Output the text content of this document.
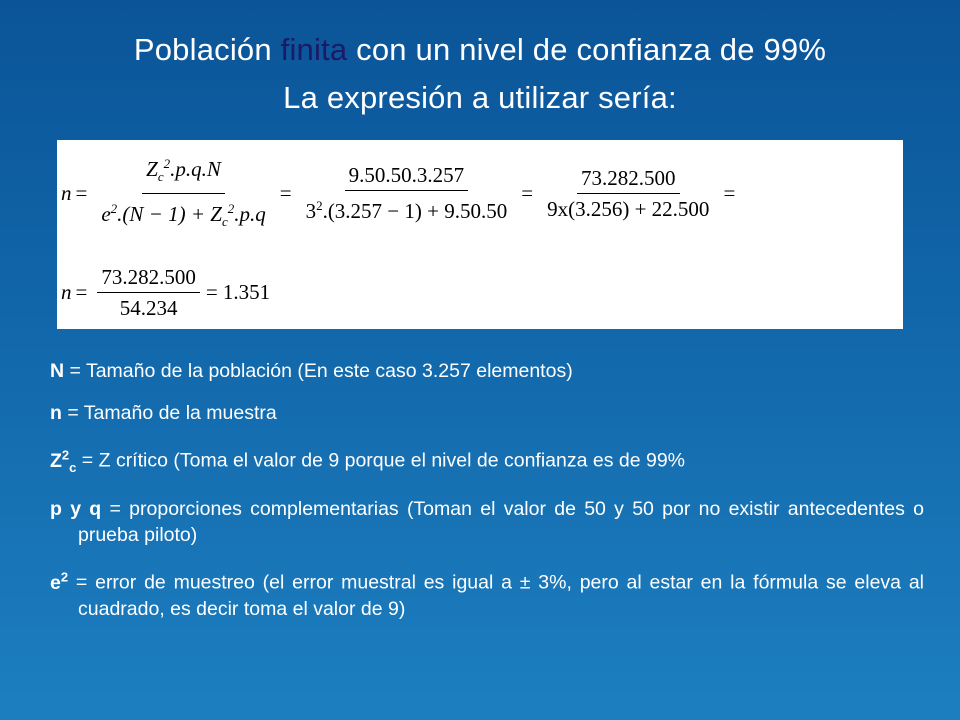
Población finita con un nivel de confianza de 99%
La expresión a utilizar sería:
$n = \frac{Z_c^2.p.q.N}{e^2.(N - 1) + Z_c^2.p.q} = \frac{9.50.50.3.257}{3^2.(3.257 - 1) + 9.50.50} = \frac{73.282.500}{9x(3.256) + 22.500}$ =
$n = \frac{73.282.500}{54.234} = 1.351$
N = Tamaño de la población (En este caso 3.257 elementos)
n = Tamaño de la muestra
$Z^2_c = Z$ crítico (Toma el valor de 9 porque el nivel de confianza es de 99%
p y q = proporciones complementarias (Toman el valor de 50 y 50 por no existir antecedentes o prueba piloto)
$e^2$ = error de muestreo (el error muestral es igual a ± 3%, pero al estar en la fórmula se eleva al cuadrado, es decir toma el valor de 9)
